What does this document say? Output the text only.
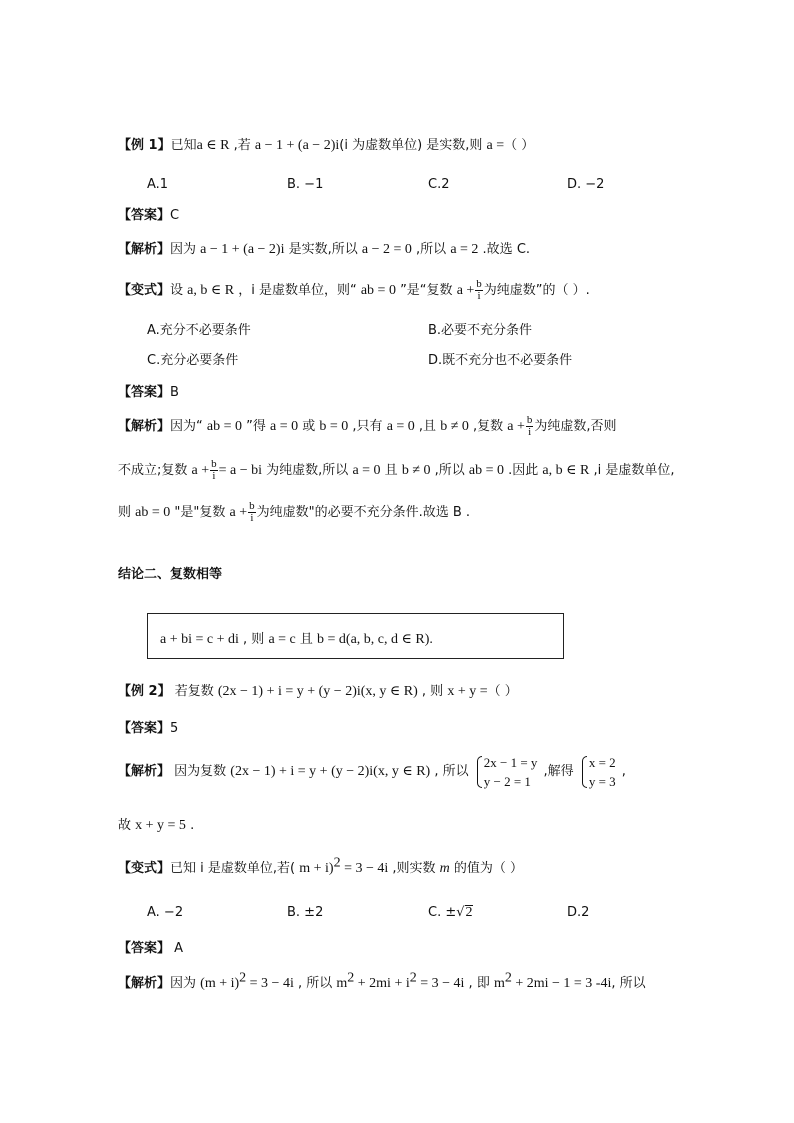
【例 1】已知a ∈ R ,若 a − 1 + (a − 2)i(i 为虚数单位) 是实数,则 a =（ ）
A.1	B. −1	C.2	D. −2
【答案】C
【解析】因为 a − 1 + (a − 2)i 是实数,所以 a − 2 = 0 ,所以 a = 2 .故选 C.
【变式】设 a, b ∈ R ，i 是虚数单位，则“ ab = 0 ”是“复数 $a + \frac{b}{i}$ 为纯虚数”的（ ）.
A.充分不必要条件	B.必要不充分条件
C.充分必要条件	D.既不充分也不必要条件
【答案】B
【解析】因为“ ab = 0 ”得 a = 0 或 b = 0 ,只有 a = 0 ,且 b ≠ 0 ,复数 $a + \frac{b}{i}$ 为纯虚数,否则
不成立;复数 $a + \frac{b}{i} = a$ − bi 为纯虚数,所以 a = 0 且 b ≠ 0 ,所以 ab = 0 .因此 a, b ∈ R ,i 是虚数单位,
则 ab = 0 "是"复数 $a + \frac{b}{i}$ 为纯虚数"的必要不充分条件.故选 B .
结论二、复数相等
a + bi = c + di , 则 a = c 且 b = d(a, b, c, d ∈ R).
【例 2】 若复数 (2x − 1) + i = y + (y − 2)i(x, y ∈ R) , 则 x + y =（ ）
【答案】5
【解析】 因为复数 (2x − 1) + i = y + (y − 2)i(x, y ∈ R) , 所以
2x − 1 = y
y − 2 = 1
,解得
x = 2
y = 3
,
故 x + y = 5 .
【变式】已知 i 是虚数单位,若( m + i)$^2$ = 3 − 4i ,则实数 m 的值为（ ）
A. −2	B. ±2	C. ±√2	D.2
【答案】 A
【解析】因为 $(m + i)^2 = 3 - 4i$ , 所以 $m^2 + 2mi + i^2 = 3 - 4i$ , 即 $m^2 + 2mi - 1 = 3$ -4i, 所以
